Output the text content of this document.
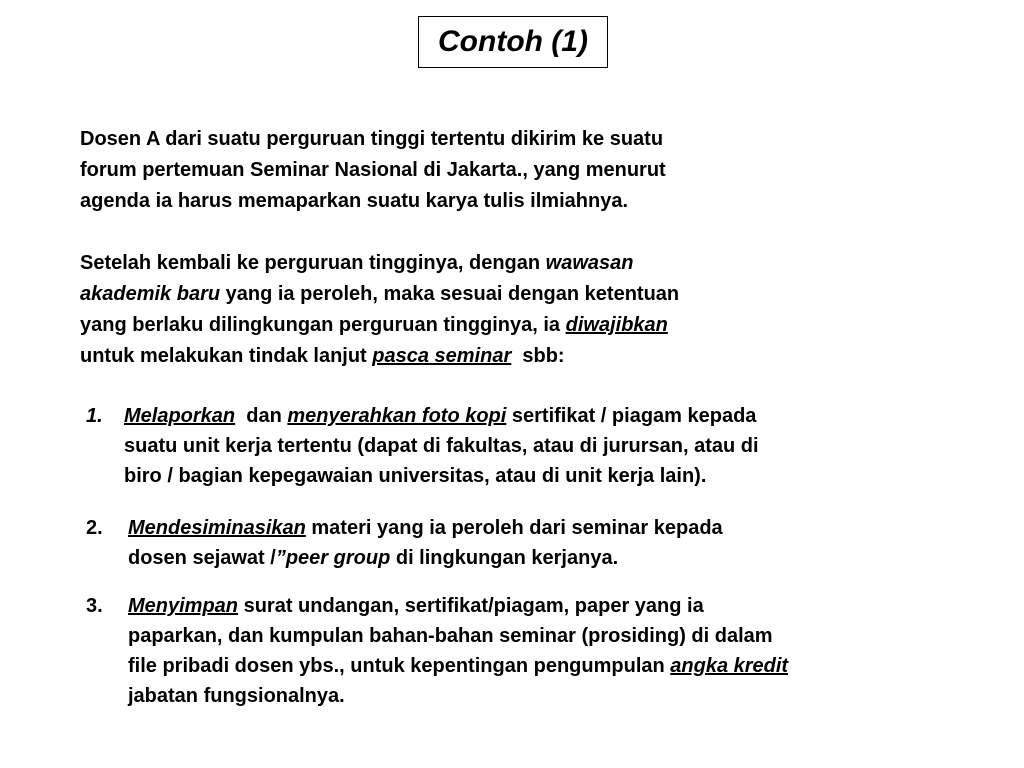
Contoh (1)

Dosen A dari suatu perguruan tinggi tertentu dikirim ke suatu
forum pertemuan Seminar Nasional di Jakarta., yang menurut
agenda ia harus memaparkan suatu karya tulis ilmiahnya.

Setelah kembali ke perguruan tingginya, dengan wawasan
akademik baru yang ia peroleh, maka sesuai dengan ketentuan
yang berlaku dilingkungan perguruan tingginya, ia diwajibkan
untuk melakukan tindak lanjut pasca seminar  sbb:

1. Melaporkan  dan menyerahkan foto kopi sertifikat / piagam kepada
suatu unit kerja tertentu (dapat di fakultas, atau di jurursan, atau di
biro / bagian kepegawaian universitas, atau di unit kerja lain).
2. Mendesiminasikan materi yang ia peroleh dari seminar kepada
dosen sejawat /”peer group di lingkungan kerjanya.
3. Menyimpan surat undangan, sertifikat/piagam, paper yang ia
paparkan, dan kumpulan bahan-bahan seminar (prosiding) di dalam
file pribadi dosen ybs., untuk kepentingan pengumpulan angka kredit
jabatan fungsionalnya.
